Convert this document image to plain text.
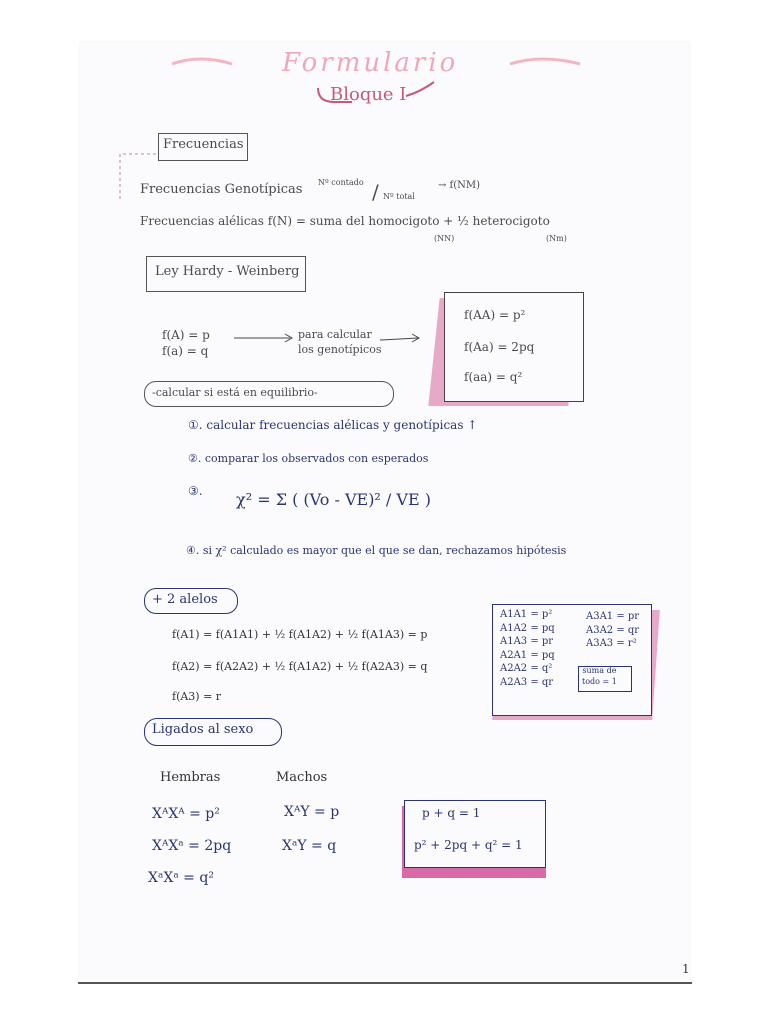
Formulario
Bloque I
Frecuencias
Frecuencias Genotípicas Nº contado / Nº total
→ f(NM)
Frecuencias alélicas f(N) = suma del homocigoto + ½ heterocigoto
(NN)	(Nm)
Ley Hardy - Weinberg
f(A) = p
f(a) = q
para calcular
los genotípicos
f(AA) = p²
f(Aa) = 2pq
f(aa) = q²
-calcular si está en equilibrio-
①. calcular frecuencias alélicas y genotípicas ↑
②. comparar los observados con esperados
③. χ² = Σ ( (Vo - VE)² / VE )
④. si χ² calculado es mayor que el que se dan, rechazamos hipótesis
+ 2 alelos
f(A1) = f(A1A1) + ½ f(A1A2) + ½ f(A1A3) = p
f(A2) = f(A2A2) + ½ f(A1A2) + ½ f(A2A3) = q
f(A3) = r
A1A1 = p²
A1A2 = pq
A1A3 = pr
A2A1 = pq
A2A2 = q²
A2A3 = qr
A3A1 = pr
A3A2 = qr
A3A3 = r²
suma de
todo = 1
Ligados al sexo
Hembras	Machos
XᴬXᴬ = p²
XᴬXᵃ = 2pq
XᵃXᵃ = q²
XᴬY = p
XᵃY = q
p + q = 1
p² + 2pq + q² = 1
1
